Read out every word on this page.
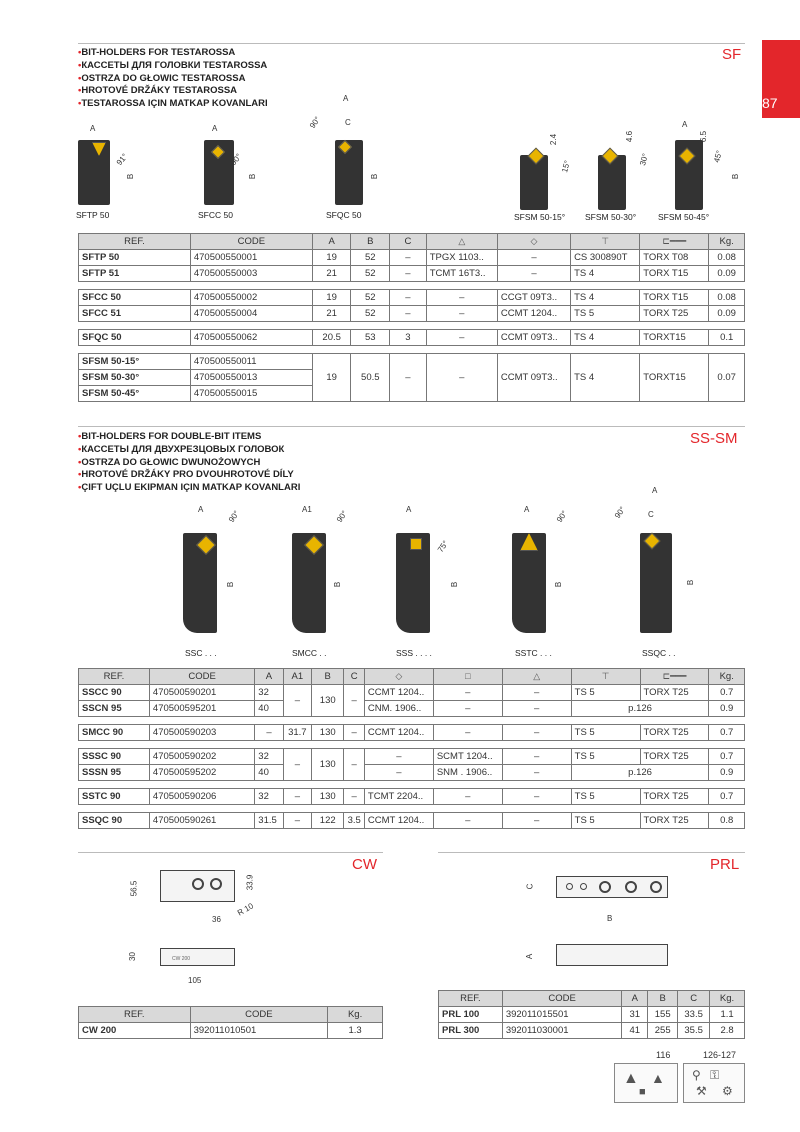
87
SF
• BIT-HOLDERS FOR TESTAROSSA
• КАССЕТЫ ДЛЯ ГОЛОВКИ TESTAROSSA
• OSTRZA DO GŁOWIC TESTAROSSA
• HROTOVÉ DRŽÁKY TESTAROSSA
• TESTAROSSA IÇIN MATKAP KOVANLARI
A
91°
B
SFTP 50
A
90°
B
SFCC 50
A
C
90°
B
SFQC 50
2.4
15°
SFSM 50-15°
4.6
30°
SFSM 50-30°
A
6.5
45°
B
SFSM 50-45°
REF.	CODE	A	B	C	△	◇	⊤	⊏━━━	Kg.
SFTP 50	470500550001	19	52	–	TPGX 1103..	–	CS 300890T	TORX T08	0.08
SFTP 51	470500550003	21	52	–	TCMT 16T3..	–	TS 4	TORX T15	0.09

SFCC 50	470500550002	19	52	–	–	CCGT 09T3..	TS 4	TORX T15	0.08
SFCC 51	470500550004	21	52	–	–	CCMT 1204..	TS 5	TORX T25	0.09

SFQC 50	470500550062	20.5	53	3	–	CCMT 09T3..	TS 4	TORXT15	0.1

SFSM 50-15°	470500550011	19	50.5	–	–	CCMT 09T3..	TS 4	TORXT15	0.07
SFSM 50-30°	470500550013								
SFSM 50-45°	470500550015								
SS-SM
• BIT-HOLDERS FOR DOUBLE-BIT ITEMS
• КАССЕТЫ ДЛЯ ДВУХРЕЗЦОВЫХ ГОЛОВОК
• OSTRZA DO GŁOWIC DWUNOŻOWYCH
• HROTOVÉ DRŽÁKY PRO DVOUHROTOVÉ DÍLY
• ÇIFT UÇLU EKIPMAN IÇIN MATKAP KOVANLARI
A	90°
B
SSC . . .
A1	90°
B
SMCC . .
A
75°
B
SSS . . . .
A	90°
B
SSTC . . .
A
C
90°
B
SSQC . .
REF.	CODE	A	A1	B	C	◇	□	△	⊤	⊏━━━	Kg.
SSCC 90	470500590201	32	–	130	–	CCMT 1204..	–	–	TS 5	TORX T25	0.7
SSCN 95	470500595201	40				CNM. 1906..	–	–	p.126		0.9

SMCC 90	470500590203	–	31.7	130	–	CCMT 1204..	–	–	TS 5	TORX T25	0.7

SSSC 90	470500590202	32	–	130	–	–	SCMT 1204..	–	TS 5	TORX T25	0.7
SSSN 95	470500595202	40				–	SNM . 1906..	–	p.126		0.9

SSTC 90	470500590206	32	–	130	–	TCMT 2204..	–	–	TS 5	TORX T25	0.7

SSQC 90	470500590261	31.5	–	122	3.5	CCMT 1204..	–	–	TS 5	TORX T25	0.8
CW
56.5	33.9
R 10
36
CW 200
30
105
REF.	CODE	Kg.
CW 200	392011010501	1.3
PRL
C
B
A
REF.	CODE	A	B	C	Kg.
PRL 100	392011015501	31	155	33.5	1.1
PRL 300	392011030001	41	255	35.5	2.8
116	126-127
▲ ▲
■
⚲ ⚿
⚒ ⚙
